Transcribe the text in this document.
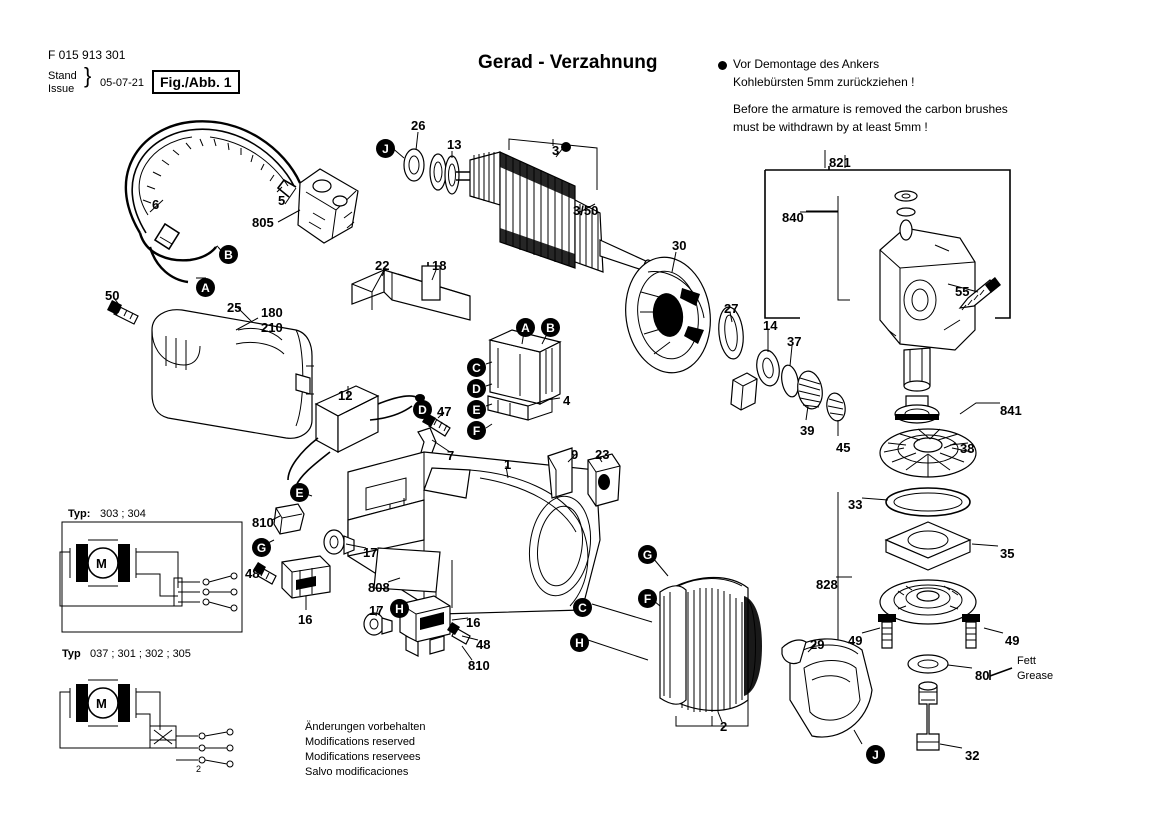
F 015 913 301
Stand
Issue
} 05-07-21	Fig./Abb. 1
Gerad - Verzahnung	Vor Demontage des Ankers
Kohlebürsten 5mm zurückziehen !
Before the armature is removed the carbon brushes
must be withdrawn by at least 5mm !
Änderungen vorbehalten
Modifications reserved
Modifications reservees
Salvo modificaciones
Fett
Grease
Typ: 303 ; 304
Typ 037 ; 301 ; 302 ; 305
M
M
2
26
13	3
3/50
6	5
805
50
25 180
210
22	18
30
27
14
37
39
45
821
840
55
841
38
33
35
828
49	49
80
32
29
12
47
4
7
1
9 23
810
17
48
16
808
17
16
48
810
2
J
B
A
A	B
C
D
E
F
D
E
G
H
G
F
C
H
J
